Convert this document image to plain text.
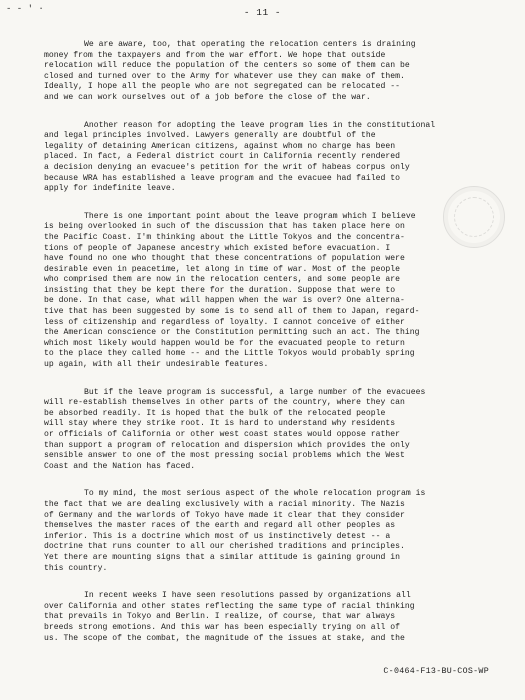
- - ' ·	- 11 -

We are aware, too, that operating the relocation centers is draining
money from the taxpayers and from the war effort. We hope that outside
relocation will reduce the population of the centers so some of them can be
closed and turned over to the Army for whatever use they can make of them.
Ideally, I hope all the people who are not segregated can be relocated --
and we can work ourselves out of a job before the close of the war.

Another reason for adopting the leave program lies in the constitutional
and legal principles involved. Lawyers generally are doubtful of the
legality of detaining American citizens, against whom no charge has been
placed. In fact, a Federal district court in California recently rendered
a decision denying an evacuee's petition for the writ of habeas corpus only
because WRA has established a leave program and the evacuee had failed to
apply for indefinite leave.

There is one important point about the leave program which I believe
is being overlooked in such of the discussion that has taken place here on
the Pacific Coast. I'm thinking about the Little Tokyos and the concentra-
tions of people of Japanese ancestry which existed before evacuation. I
have found no one who thought that these concentrations of population were
desirable even in peacetime, let along in time of war. Most of the people
who comprised them are now in the relocation centers, and some people are
insisting that they be kept there for the duration. Suppose that were to
be done. In that case, what will happen when the war is over? One alterna-
tive that has been suggested by some is to send all of them to Japan, regard-
less of citizenship and regardless of loyalty. I cannot conceive of either
the American conscience or the Constitution permitting such an act. The thing
which most likely would happen would be for the evacuated people to return
to the place they called home -- and the Little Tokyos would probably spring
up again, with all their undesirable features.

But if the leave program is successful, a large number of the evacuees
will re-establish themselves in other parts of the country, where they can
be absorbed readily. It is hoped that the bulk of the relocated people
will stay where they strike root. It is hard to understand why residents
or officials of California or other west coast states would oppose rather
than support a program of relocation and dispersion which provides the only
sensible answer to one of the most pressing social problems which the West
Coast and the Nation has faced.

To my mind, the most serious aspect of the whole relocation program is
the fact that we are dealing exclusively with a racial minority. The Nazis
of Germany and the warlords of Tokyo have made it clear that they consider
themselves the master races of the earth and regard all other peoples as
inferior. This is a doctrine which most of us instinctively detest -- a
doctrine that runs counter to all our cherished traditions and principles.
Yet there are mounting signs that a similar attitude is gaining ground in
this country.

In recent weeks I have seen resolutions passed by organizations all
over California and other states reflecting the same type of racial thinking
that prevails in Tokyo and Berlin. I realize, of course, that war always
breeds strong emotions. And this war has been especially trying on all of
us. The scope of the combat, the magnitude of the issues at stake, and the

C-0464-F13-BU-COS-WP
